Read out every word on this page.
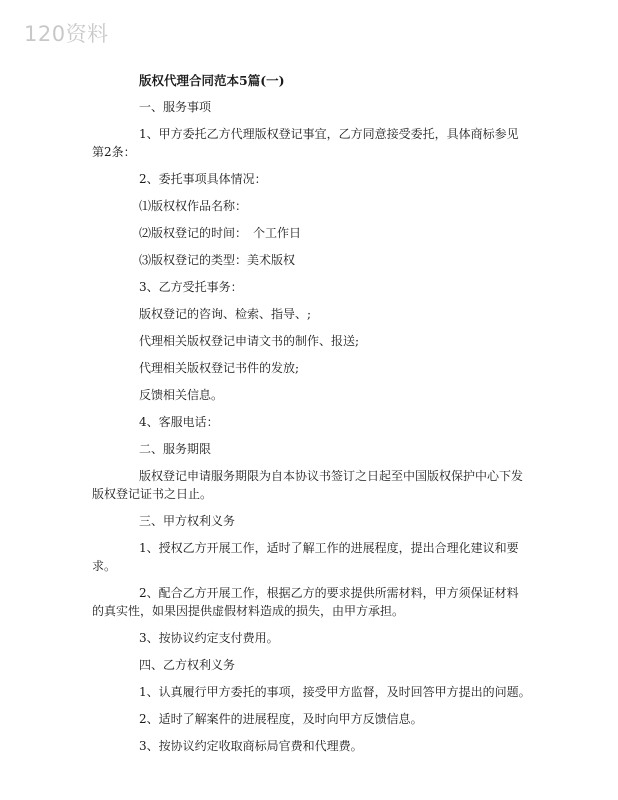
120资料
版权代理合同范本5篇(一)

一、服务事项

1、甲方委托乙方代理版权登记事宜，乙方同意接受委托，具体商标参见第2条：

2、委托事项具体情况：

⑴版权权作品名称：

⑵版权登记的时间：　个工作日

⑶版权登记的类型：美术版权

3、乙方受托事务：

版权登记的咨询、检索、指导、;

代理相关版权登记申请文书的制作、报送;

代理相关版权登记书件的发放;

反馈相关信息。

4、客服电话：

二、服务期限

版权登记申请服务期限为自本协议书签订之日起至中国版权保护中心下发版权登记证书之日止。

三、甲方权利义务

1、授权乙方开展工作，适时了解工作的进展程度，提出合理化建议和要求。

2、配合乙方开展工作，根据乙方的要求提供所需材料，甲方须保证材料的真实性，如果因提供虚假材料造成的损失，由甲方承担。

3、按协议约定支付费用。

四、乙方权利义务

1、认真履行甲方委托的事项，接受甲方监督，及时回答甲方提出的问题。

2、适时了解案件的进展程度，及时向甲方反馈信息。

3、按协议约定收取商标局官费和代理费。
